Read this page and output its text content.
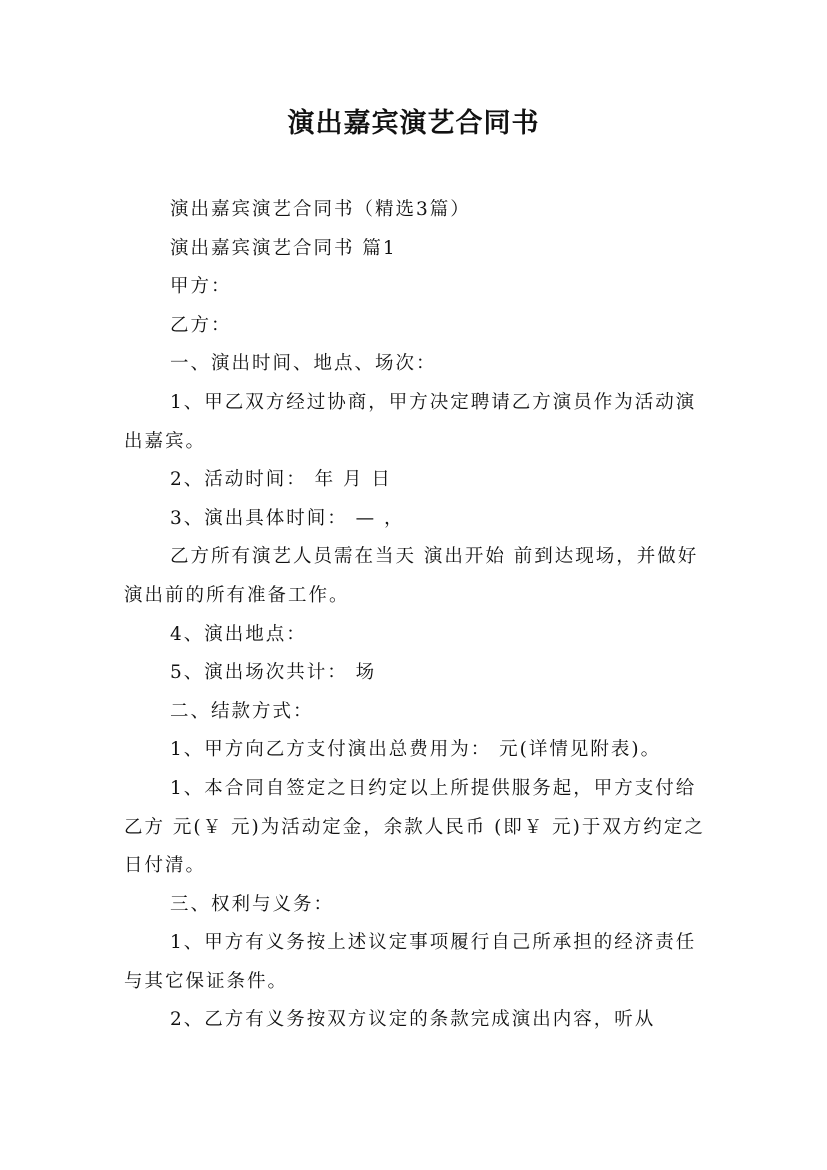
演出嘉宾演艺合同书

演出嘉宾演艺合同书（精选3篇）

演出嘉宾演艺合同书 篇1

甲方：

乙方：

一、演出时间、地点、场次：

1、甲乙双方经过协商，甲方决定聘请乙方演员作为活动演出嘉宾。

2、活动时间： 年 月 日

3、演出具体时间： — ，

乙方所有演艺人员需在当天 演出开始 前到达现场，并做好演出前的所有准备工作。

4、演出地点：

5、演出场次共计： 场

二、结款方式：

1、甲方向乙方支付演出总费用为： 元(详情见附表)。

1、本合同自签定之日约定以上所提供服务起，甲方支付给乙方 元(￥ 元)为活动定金，余款人民币 (即￥ 元)于双方约定之日付清。

三、权利与义务：

1、甲方有义务按上述议定事项履行自己所承担的经济责任与其它保证条件。

2、乙方有义务按双方议定的条款完成演出内容，听从
